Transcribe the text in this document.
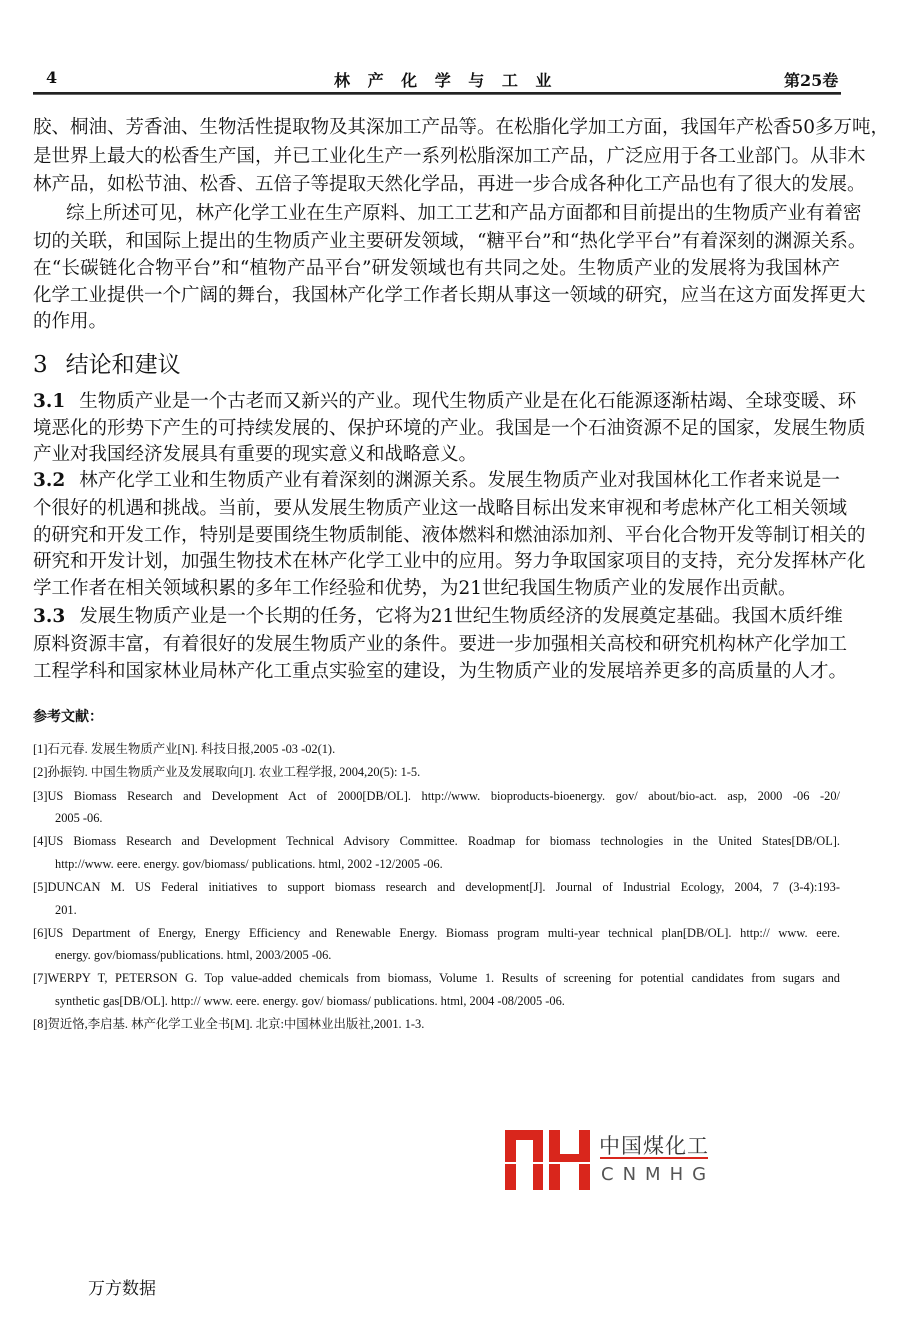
4	林 产 化 学 与 工 业	第25卷
胶、桐油、芳香油、生物活性提取物及其深加工产品等。在松脂化学加工方面，我国年产松香50多万吨，
是世界上最大的松香生产国，并已工业化生产一系列松脂深加工产品，广泛应用于各工业部门。从非木
林产品，如松节油、松香、五倍子等提取天然化学品，再进一步合成各种化工产品也有了很大的发展。
综上所述可见，林产化学工业在生产原料、加工工艺和产品方面都和目前提出的生物质产业有着密
切的关联，和国际上提出的生物质产业主要研发领域，“糖平台”和“热化学平台”有着深刻的渊源关系。
在“长碳链化合物平台”和“植物产品平台”研发领域也有共同之处。生物质产业的发展将为我国林产
化学工业提供一个广阔的舞台，我国林产化学工作者长期从事这一领域的研究，应当在这方面发挥更大
的作用。
3 结论和建议
3.1 生物质产业是一个古老而又新兴的产业。现代生物质产业是在化石能源逐渐枯竭、全球变暖、环
境恶化的形势下产生的可持续发展的、保护环境的产业。我国是一个石油资源不足的国家，发展生物质
产业对我国经济发展具有重要的现实意义和战略意义。
3.2 林产化学工业和生物质产业有着深刻的渊源关系。发展生物质产业对我国林化工作者来说是一
个很好的机遇和挑战。当前，要从发展生物质产业这一战略目标出发来审视和考虑林产化工相关领域
的研究和开发工作，特别是要围绕生物质制能、液体燃料和燃油添加剂、平台化合物开发等制订相关的
研究和开发计划，加强生物技术在林产化学工业中的应用。努力争取国家项目的支持，充分发挥林产化
学工作者在相关领域积累的多年工作经验和优势，为21世纪我国生物质产业的发展作出贡献。
3.3 发展生物质产业是一个长期的任务，它将为21世纪生物质经济的发展奠定基础。我国木质纤维
原料资源丰富，有着很好的发展生物质产业的条件。要进一步加强相关高校和研究机构林产化学加工
工程学科和国家林业局林产化工重点实验室的建设，为生物质产业的发展培养更多的高质量的人才。
参考文献：
[1]石元春. 发展生物质产业[N]. 科技日报,2005 -03 -02(1).
[2]孙振钧. 中国生物质产业及发展取向[J]. 农业工程学报, 2004,20(5): 1-5.
[3]US Biomass Research and Development Act of 2000[DB/OL]. http://www. bioproducts-bioenergy. gov/ about/bio-act. asp, 2000 -06 -20/
2005 -06.
[4]US Biomass Research and Development Technical Advisory Committee. Roadmap for biomass technologies in the United States[DB/OL].
http://www. eere. energy. gov/biomass/ publications. html, 2002 -12/2005 -06.
[5]DUNCAN M. US Federal initiatives to support biomass research and development[J]. Journal of Industrial Ecology, 2004, 7 (3-4):193-
201.
[6]US Department of Energy, Energy Efficiency and Renewable Energy. Biomass program multi-year technical plan[DB/OL]. http:// www. eere.
energy. gov/biomass/publications. html, 2003/2005 -06.
[7]WERPY T, PETERSON G. Top value-added chemicals from biomass, Volume 1. Results of screening for potential candidates from sugars and
synthetic gas[DB/OL]. http:// www. eere. energy. gov/ biomass/ publications. html, 2004 -08/2005 -06.
[8]贺近恪,李启基. 林产化学工业全书[M]. 北京:中国林业出版社,2001. 1-3.
中国煤化工
CNMHG
万方数据
